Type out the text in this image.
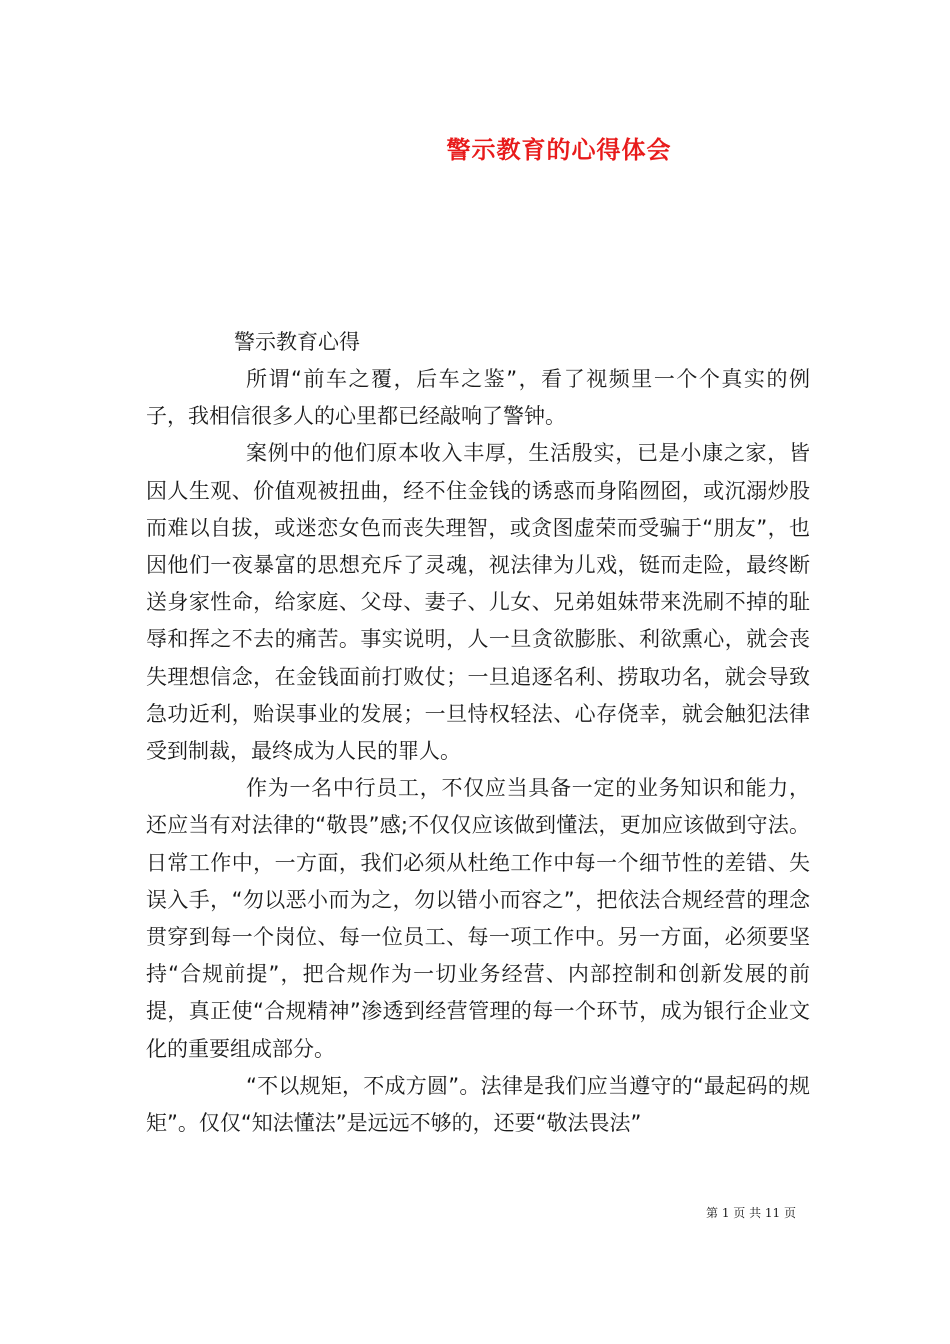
警示教育的心得体会
警示教育心得

所谓“前车之覆，后车之鉴”，看了视频里一个个真实的例子，我相信很多人的心里都已经敲响了警钟。

案例中的他们原本收入丰厚，生活殷实，已是小康之家，皆因人生观、价值观被扭曲，经不住金钱的诱惑而身陷囫囵，或沉溺炒股而难以自拔，或迷恋女色而丧失理智，或贪图虚荣而受骗于“朋友”，也因他们一夜暴富的思想充斥了灵魂，视法律为儿戏，铤而走险，最终断送身家性命，给家庭、父母、妻子、儿女、兄弟姐妹带来洗刷不掉的耻辱和挥之不去的痛苦。事实说明，人一旦贪欲膨胀、利欲熏心，就会丧失理想信念，在金钱面前打败仗；一旦追逐名利、捞取功名，就会导致急功近利，贻误事业的发展；一旦恃权轻法、心存侥幸，就会触犯法律受到制裁，最终成为人民的罪人。

作为一名中行员工，不仅应当具备一定的业务知识和能力，还应当有对法律的“敬畏”感;不仅仅应该做到懂法，更加应该做到守法。日常工作中，一方面，我们必须从杜绝工作中每一个细节性的差错、失误入手，“勿以恶小而为之，勿以错小而容之”，把依法合规经营的理念贯穿到每一个岗位、每一位员工、每一项工作中。另一方面，必须要坚持“合规前提”，把合规作为一切业务经营、内部控制和创新发展的前提，真正使“合规精神”渗透到经营管理的每一个环节，成为银行企业文化的重要组成部分。

“不以规矩，不成方圆”。法律是我们应当遵守的“最起码的规矩”。仅仅“知法懂法”是远远不够的，还要“敬法畏法”

第 1 页 共 11 页
